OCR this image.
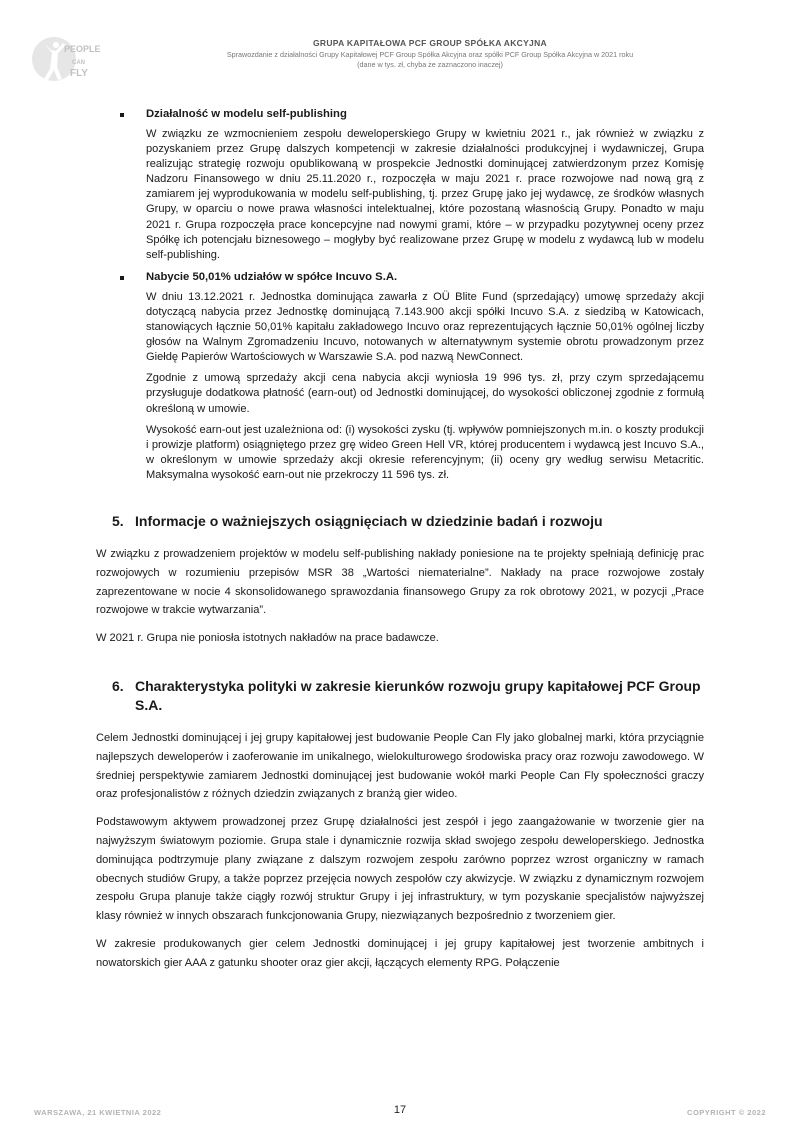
PEOPLE
CAN
FLY
GRUPA KAPITAŁOWA PCF GROUP SPÓŁKA AKCYJNA
Sprawozdanie z działalności Grupy Kapitałowej PCF Group Spółka Akcyjna oraz spółki PCF Group Spółka Akcyjna w 2021 roku
(dane w tys. zł, chyba że zaznaczono inaczej)
Działalność w modelu self-publishing

W związku ze wzmocnieniem zespołu deweloperskiego Grupy w kwietniu 2021 r., jak również w związku z pozyskaniem przez Grupę dalszych kompetencji w zakresie działalności produkcyjnej i wydawniczej, Grupa realizując strategię rozwoju opublikowaną w prospekcie Jednostki dominującej zatwierdzonym przez Komisję Nadzoru Finansowego w dniu 25.11.2020 r., rozpoczęła w maju 2021 r. prace rozwojowe nad nową grą z zamiarem jej wyprodukowania w modelu self-publishing, tj. przez Grupę jako jej wydawcę, ze środków własnych Grupy, w oparciu o nowe prawa własności intelektualnej, które pozostaną własnością Grupy. Ponadto w maju 2021 r. Grupa rozpoczęła prace koncepcyjne nad nowymi grami, które – w przypadku pozytywnej oceny przez Spółkę ich potencjału biznesowego – mogłyby być realizowane przez Grupę w modelu z wydawcą lub w modelu self-publishing.

Nabycie 50,01% udziałów w spółce Incuvo S.A.

W dniu 13.12.2021 r. Jednostka dominująca zawarła z OÜ Blite Fund (sprzedający) umowę sprzedaży akcji dotyczącą nabycia przez Jednostkę dominującą 7.143.900 akcji spółki Incuvo S.A. z siedzibą w Katowicach, stanowiących łącznie 50,01% kapitału zakładowego Incuvo oraz reprezentujących łącznie 50,01% ogólnej liczby głosów na Walnym Zgromadzeniu Incuvo, notowanych w alternatywnym systemie obrotu prowadzonym przez Giełdę Papierów Wartościowych w Warszawie S.A. pod nazwą NewConnect.

Zgodnie z umową sprzedaży akcji cena nabycia akcji wyniosła 19 996 tys. zł, przy czym sprzedającemu przysługuje dodatkowa płatność (earn-out) od Jednostki dominującej, do wysokości obliczonej zgodnie z formułą określoną w umowie.

Wysokość earn-out jest uzależniona od: (i) wysokości zysku (tj. wpływów pomniejszonych m.in. o koszty produkcji i prowizje platform) osiągniętego przez grę wideo Green Hell VR, której producentem i wydawcą jest Incuvo S.A., w określonym w umowie sprzedaży akcji okresie referencyjnym; (ii) oceny gry według serwisu Metacritic. Maksymalna wysokość earn-out nie przekroczy 11 596 tys. zł.

5. Informacje o ważniejszych osiągnięciach w dziedzinie badań i rozwoju

W związku z prowadzeniem projektów w modelu self-publishing nakłady poniesione na te projekty spełniają definicję prac rozwojowych w rozumieniu przepisów MSR 38 „Wartości niematerialne”. Nakłady na prace rozwojowe zostały zaprezentowane w nocie 4 skonsolidowanego sprawozdania finansowego Grupy za rok obrotowy 2021, w pozycji „Prace rozwojowe w trakcie wytwarzania”.

W 2021 r. Grupa nie poniosła istotnych nakładów na prace badawcze.

6. Charakterystyka polityki w zakresie kierunków rozwoju grupy kapitałowej PCF Group S.A.

Celem Jednostki dominującej i jej grupy kapitałowej jest budowanie People Can Fly jako globalnej marki, która przyciągnie najlepszych deweloperów i zaoferowanie im unikalnego, wielokulturowego środowiska pracy oraz rozwoju zawodowego. W średniej perspektywie zamiarem Jednostki dominującej jest budowanie wokół marki People Can Fly społeczności graczy oraz profesjonalistów z różnych dziedzin związanych z branżą gier wideo.

Podstawowym aktywem prowadzonej przez Grupę działalności jest zespół i jego zaangażowanie w tworzenie gier na najwyższym światowym poziomie. Grupa stale i dynamicznie rozwija skład swojego zespołu deweloperskiego. Jednostka dominująca podtrzymuje plany związane z dalszym rozwojem zespołu zarówno poprzez wzrost organiczny w ramach obecnych studiów Grupy, a także poprzez przejęcia nowych zespołów czy akwizycje. W związku z dynamicznym rozwojem zespołu Grupa planuje także ciągły rozwój struktur Grupy i jej infrastruktury, w tym pozyskanie specjalistów najwyższej klasy również w innych obszarach funkcjonowania Grupy, niezwiązanych bezpośrednio z tworzeniem gier.

W zakresie produkowanych gier celem Jednostki dominującej i jej grupy kapitałowej jest tworzenie ambitnych i nowatorskich gier AAA z gatunku shooter oraz gier akcji, łączących elementy RPG. Połączenie

WARSZAWA, 21 KWIETNIA 2022	17	COPYRIGHT © 2022
